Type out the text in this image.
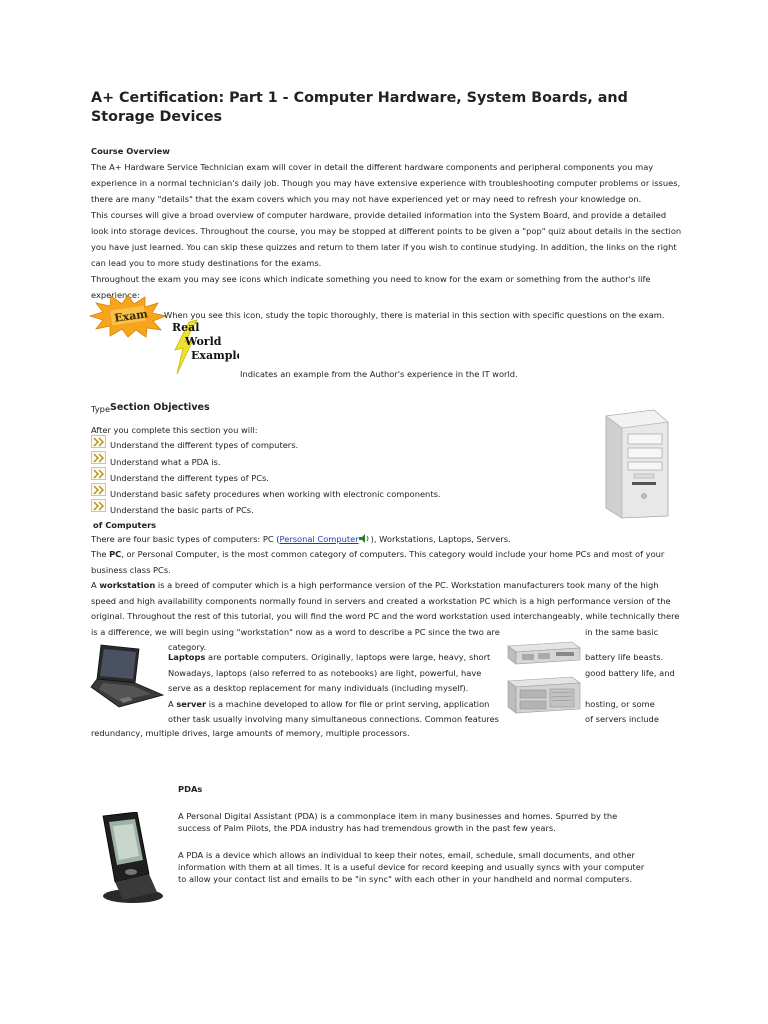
A+ Certification: Part 1 - Computer Hardware, System Boards, and Storage Devices
Course Overview
The A+ Hardware Service Technician exam will cover in detail the different hardware components and peripheral components you may
experience in a normal technician's daily job. Though you may have extensive experience with troubleshooting computer problems or issues,
there are many "details" that the exam covers which you may not have experienced yet or may need to refresh your knowledge on.
This courses will give a broad overview of computer hardware, provide detailed information into the System Board, and provide a detailed
look into storage devices. Throughout the course, you may be stopped at different points to be given a "pop" quiz about details in the section
you have just learned. You can skip these quizzes and return to them later if you wish to continue studying. In addition, the links on the right
can lead you to more study destinations for the exams.
Throughout the exam you may see icons which indicate something you need to know for the exam or something from the author's life
experience:
Exam When you see this icon, study the topic thoroughly, there is material in this section with specific questions on the exam.
Real
World
Example
Indicates an example from the Author's experience in the IT world.
Type Section Objectives
After you complete this section you will:
Understand the different types of computers.
Understand what a PDA is.
Understand the different types of PCs.
Understand basic safety procedures when working with electronic components.
Understand the basic parts of PCs.
of Computers
There are four basic types of computers: PC (Personal Computer ), Workstations, Laptops, Servers.
The PC, or Personal Computer, is the most common category of computers. This category would include your home PCs and most of your
business class PCs.
A workstation is a breed of computer which is a high performance version of the PC. Workstation manufacturers took many of the high
speed and high availability components normally found in servers and created a workstation PC which is a high performance version of the
original. Throughout the rest of this tutorial, you will find the word PC and the word workstation used interchangeably, while technically there
is a difference, we will begin using "workstation" now as a word to describe a PC since the two are	in the same basic
category.
Laptops are portable computers. Originally, laptops were large, heavy, short	battery life beasts.
Nowadays, laptops (also referred to as notebooks) are light, powerful, have	good battery life, and
serve as a desktop replacement for many individuals (including myself).
A server is a machine developed to allow for file or print serving, application	hosting, or some
other task usually involving many simultaneous connections. Common features	of servers include
redundancy, multiple drives, large amounts of memory, multiple processors.
PDAs
A Personal Digital Assistant (PDA) is a commonplace item in many businesses and homes. Spurred by the
success of Palm Pilots, the PDA industry has had tremendous growth in the past few years.
A PDA is a device which allows an individual to keep their notes, email, schedule, small documents, and other
information with them at all times. It is a useful device for record keeping and usually syncs with your computer
to allow your contact list and emails to be "in sync" with each other in your handheld and normal computers.
